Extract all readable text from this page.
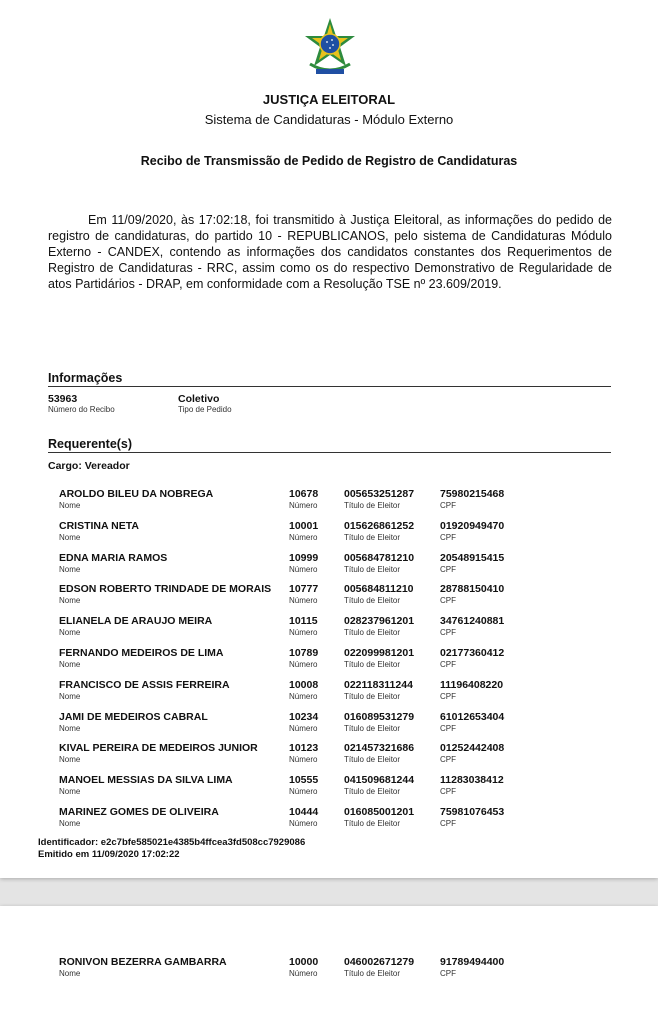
JUSTIÇA ELEITORAL
Sistema de Candidaturas - Módulo Externo
Recibo de Transmissão de Pedido de Registro de Candidaturas
Em 11/09/2020, às 17:02:18, foi transmitido à Justiça Eleitoral, as informações do pedido de registro de candidaturas, do partido 10 - REPUBLICANOS, pelo sistema de Candidaturas Módulo Externo - CANDEX, contendo as informações dos candidatos constantes dos Requerimentos de Registro de Candidaturas - RRC, assim como os do respectivo Demonstrativo de Regularidade de atos Partidários - DRAP, em conformidade com a Resolução TSE nº 23.609/2019.
Informações
53963
Número do Recibo
Coletivo
Tipo de Pedido
Requerente(s)
Cargo: Vereador
AROLDO BILEU DA NOBREGA
Nome
10678
Número
005653251287
Título de Eleitor
75980215468
CPF
CRISTINA NETA
Nome
10001
Número
015626861252
Título de Eleitor
01920949470
CPF
EDNA MARIA RAMOS
Nome
10999
Número
005684781210
Título de Eleitor
20548915415
CPF
EDSON ROBERTO TRINDADE DE MORAIS
Nome
10777
Número
005684811210
Título de Eleitor
28788150410
CPF
ELIANELA DE ARAUJO MEIRA
Nome
10115
Número
028237961201
Título de Eleitor
34761240881
CPF
FERNANDO MEDEIROS DE LIMA
Nome
10789
Número
022099981201
Título de Eleitor
02177360412
CPF
FRANCISCO DE ASSIS FERREIRA
Nome
10008
Número
022118311244
Título de Eleitor
11196408220
CPF
JAMI DE MEDEIROS CABRAL
Nome
10234
Número
016089531279
Título de Eleitor
61012653404
CPF
KIVAL PEREIRA DE MEDEIROS JUNIOR
Nome
10123
Número
021457321686
Título de Eleitor
01252442408
CPF
MANOEL MESSIAS DA SILVA LIMA
Nome
10555
Número
041509681244
Título de Eleitor
11283038412
CPF
MARINEZ GOMES DE OLIVEIRA
Nome
10444
Número
016085001201
Título de Eleitor
75981076453
CPF
Identificador: e2c7bfe585021e4385b4ffcea3fd508cc7929086
Emitido em 11/09/2020 17:02:22
RONIVON BEZERRA GAMBARRA
Nome
10000
Número
046002671279
Título de Eleitor
91789494400
CPF
